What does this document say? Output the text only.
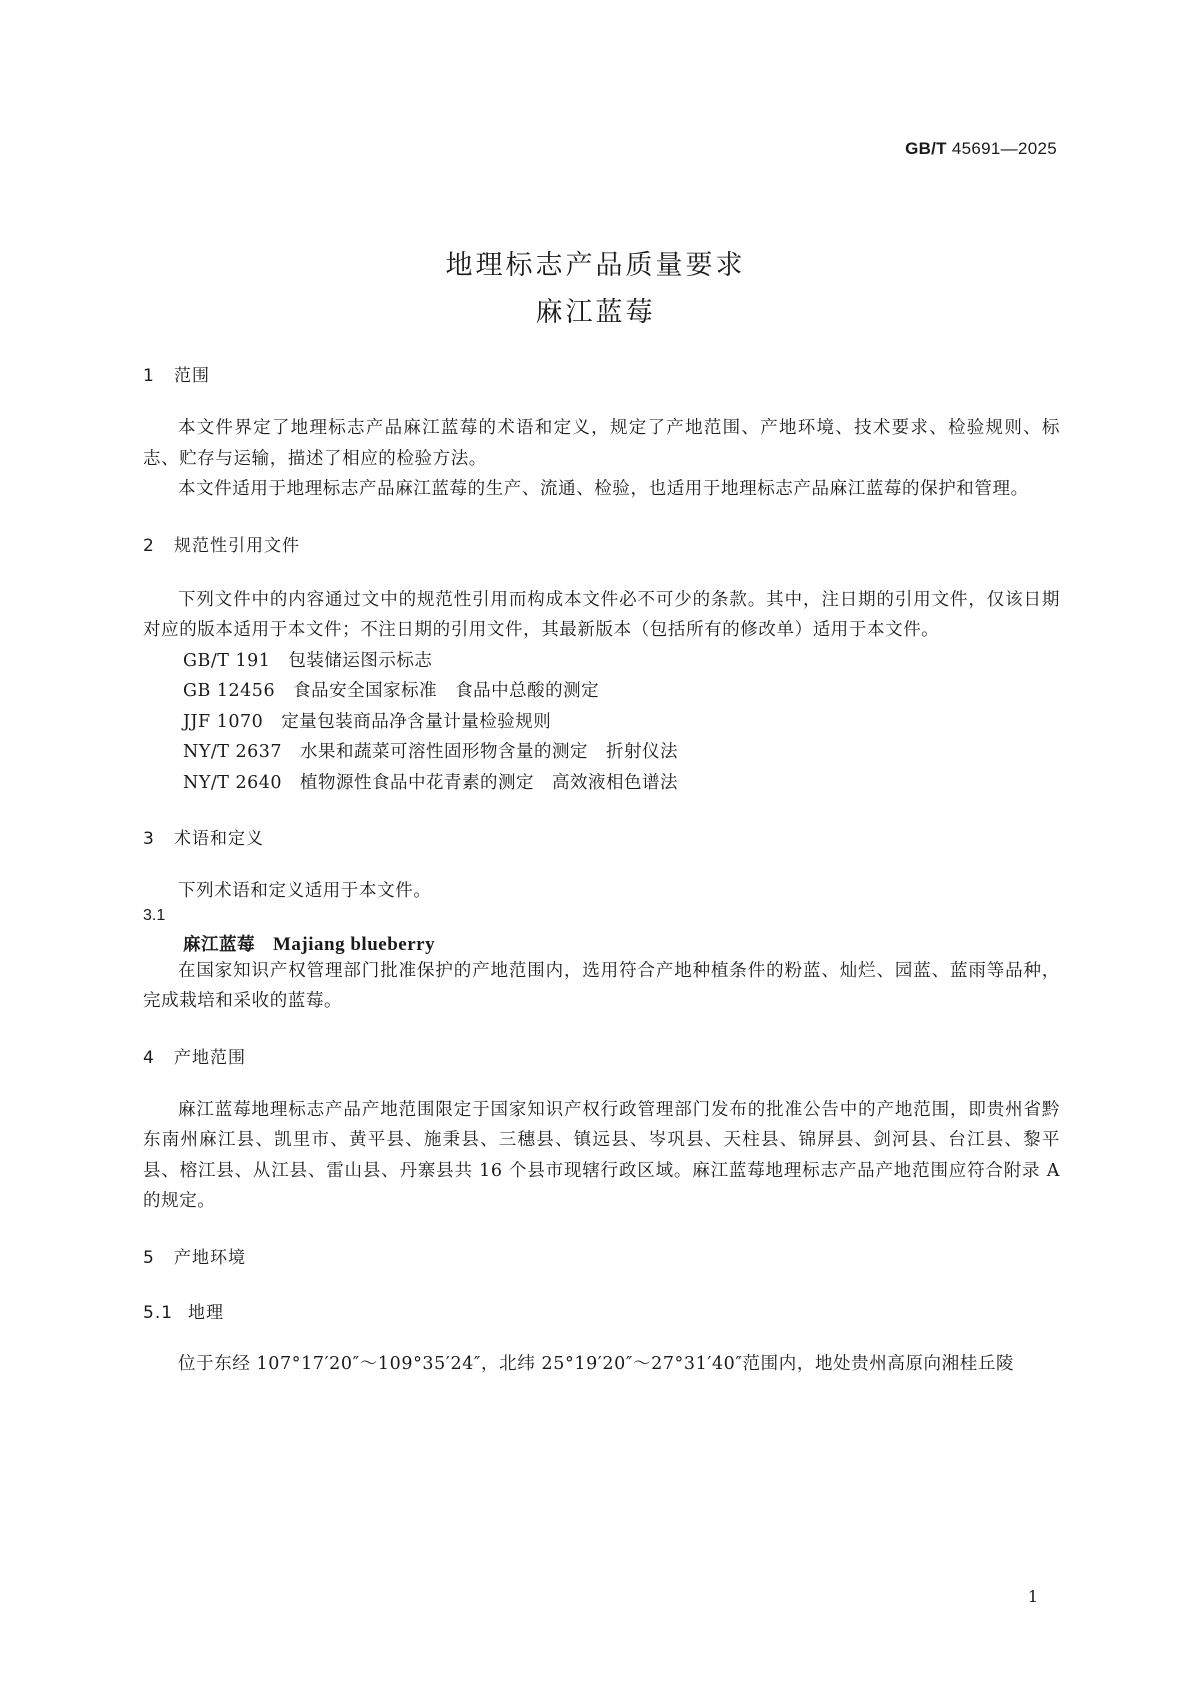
GB/T 45691—2025
地理标志产品质量要求
麻江蓝莓
1	范围
本文件界定了地理标志产品麻江蓝莓的术语和定义，规定了产地范围、产地环境、技术要求、检验规则、标志、贮存与运输，描述了相应的检验方法。
本文件适用于地理标志产品麻江蓝莓的生产、流通、检验，也适用于地理标志产品麻江蓝莓的保护和管理。
2	规范性引用文件
下列文件中的内容通过文中的规范性引用而构成本文件必不可少的条款。其中，注日期的引用文件，仅该日期对应的版本适用于本文件；不注日期的引用文件，其最新版本（包括所有的修改单）适用于本文件。
GB/T 191 包装储运图示标志
GB 12456 食品安全国家标准　食品中总酸的测定
JJF 1070 定量包装商品净含量计量检验规则
NY/T 2637 水果和蔬菜可溶性固形物含量的测定　折射仪法
NY/T 2640 植物源性食品中花青素的测定　高效液相色谱法
3	术语和定义
下列术语和定义适用于本文件。
3.1
麻江蓝莓 Majiang blueberry
在国家知识产权管理部门批准保护的产地范围内，选用符合产地种植条件的粉蓝、灿烂、园蓝、蓝雨等品种，完成栽培和采收的蓝莓。
4	产地范围
麻江蓝莓地理标志产品产地范围限定于国家知识产权行政管理部门发布的批准公告中的产地范围，即贵州省黔东南州麻江县、凯里市、黄平县、施秉县、三穗县、镇远县、岑巩县、天柱县、锦屏县、剑河县、台江县、黎平县、榕江县、从江县、雷山县、丹寨县共 16 个县市现辖行政区域。麻江蓝莓地理标志产品产地范围应符合附录 A 的规定。
5	产地环境
5.1 地理
位于东经 107°17′20″～109°35′24″，北纬 25°19′20″～27°31′40″范围内，地处贵州高原向湘桂丘陵
1
